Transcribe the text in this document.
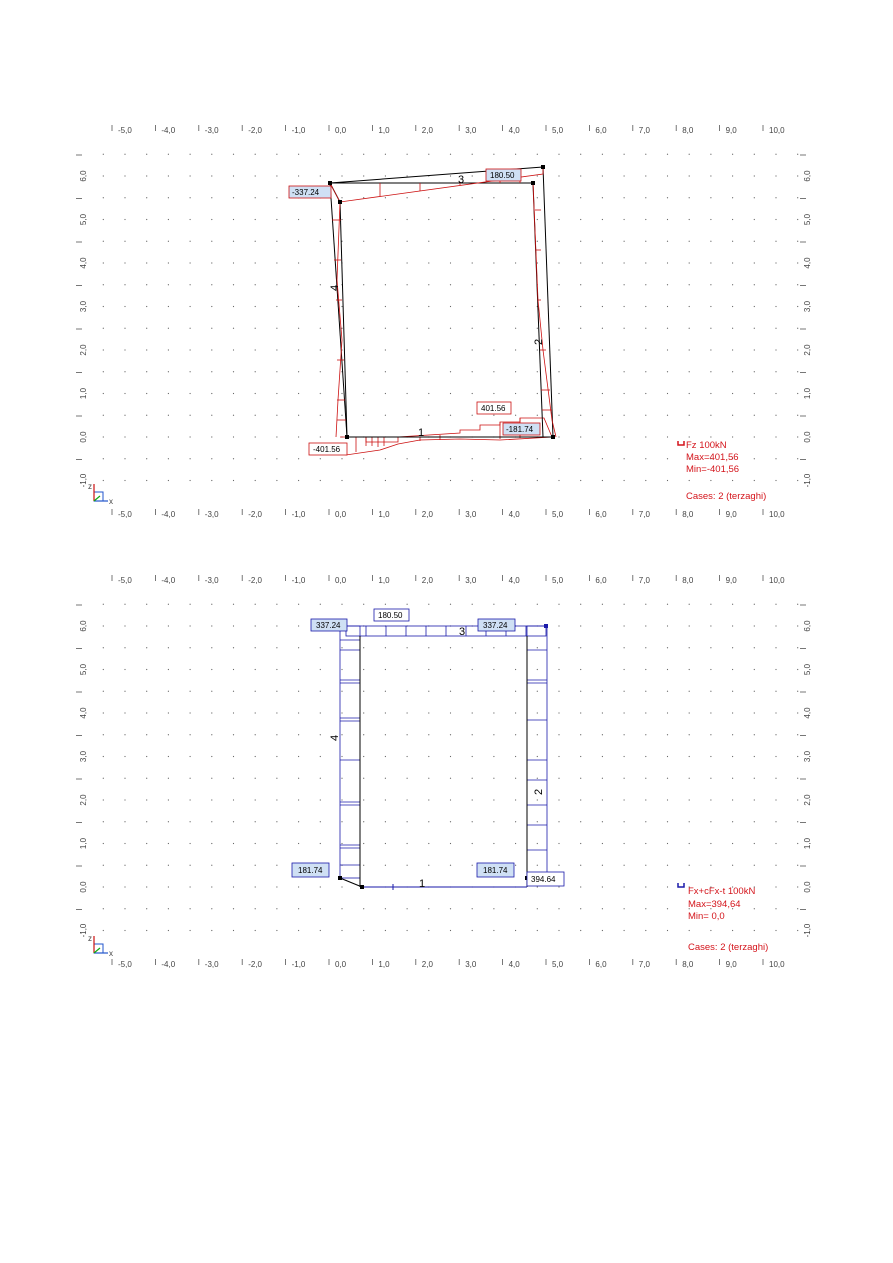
-5,0	-4,0	-3,0	-2,0	-1,0	0,0	1,0	2,0	3,0	4,0	5,0	6,0	7,0	8,0	9,0	10,0
-5,0	-4,0	-3,0	-2,0	-1,0	0,0	1,0	2,0	3,0	4,0	5,0	6,0	7,0	8,0	9,0	10,0
-1,0
0,0
1,0
2,0
3,0
4,0
5,0
6,0
-1,0
0,0
1,0
2,0
3,0
4,0
5,0
6,0
1
2
3
4
-337.24
180.50
-401.56
401.56
-181.74
Fz 100kN
Max=401,56
Min=-401,56
Cases: 2 (terzaghi)
z
x
-5,0	-4,0	-3,0	-2,0	-1,0	0,0	1,0	2,0	3,0	4,0	5,0	6,0	7,0	8,0	9,0	10,0
-5,0	-4,0	-3,0	-2,0	-1,0	0,0	1,0	2,0	3,0	4,0	5,0	6,0	7,0	8,0	9,0	10,0
-1,0
0,0
1,0
2,0
3,0
4,0
5,0
6,0
-1,0
0,0
1,0
2,0
3,0
4,0
5,0
6,0
1
2
3
4
337.24
180.50
337.24
181.74	181.74
394.64
Fx+cFx-t 100kN
Max=394,64
Min= 0,0
Cases: 2 (terzaghi)
z
x
